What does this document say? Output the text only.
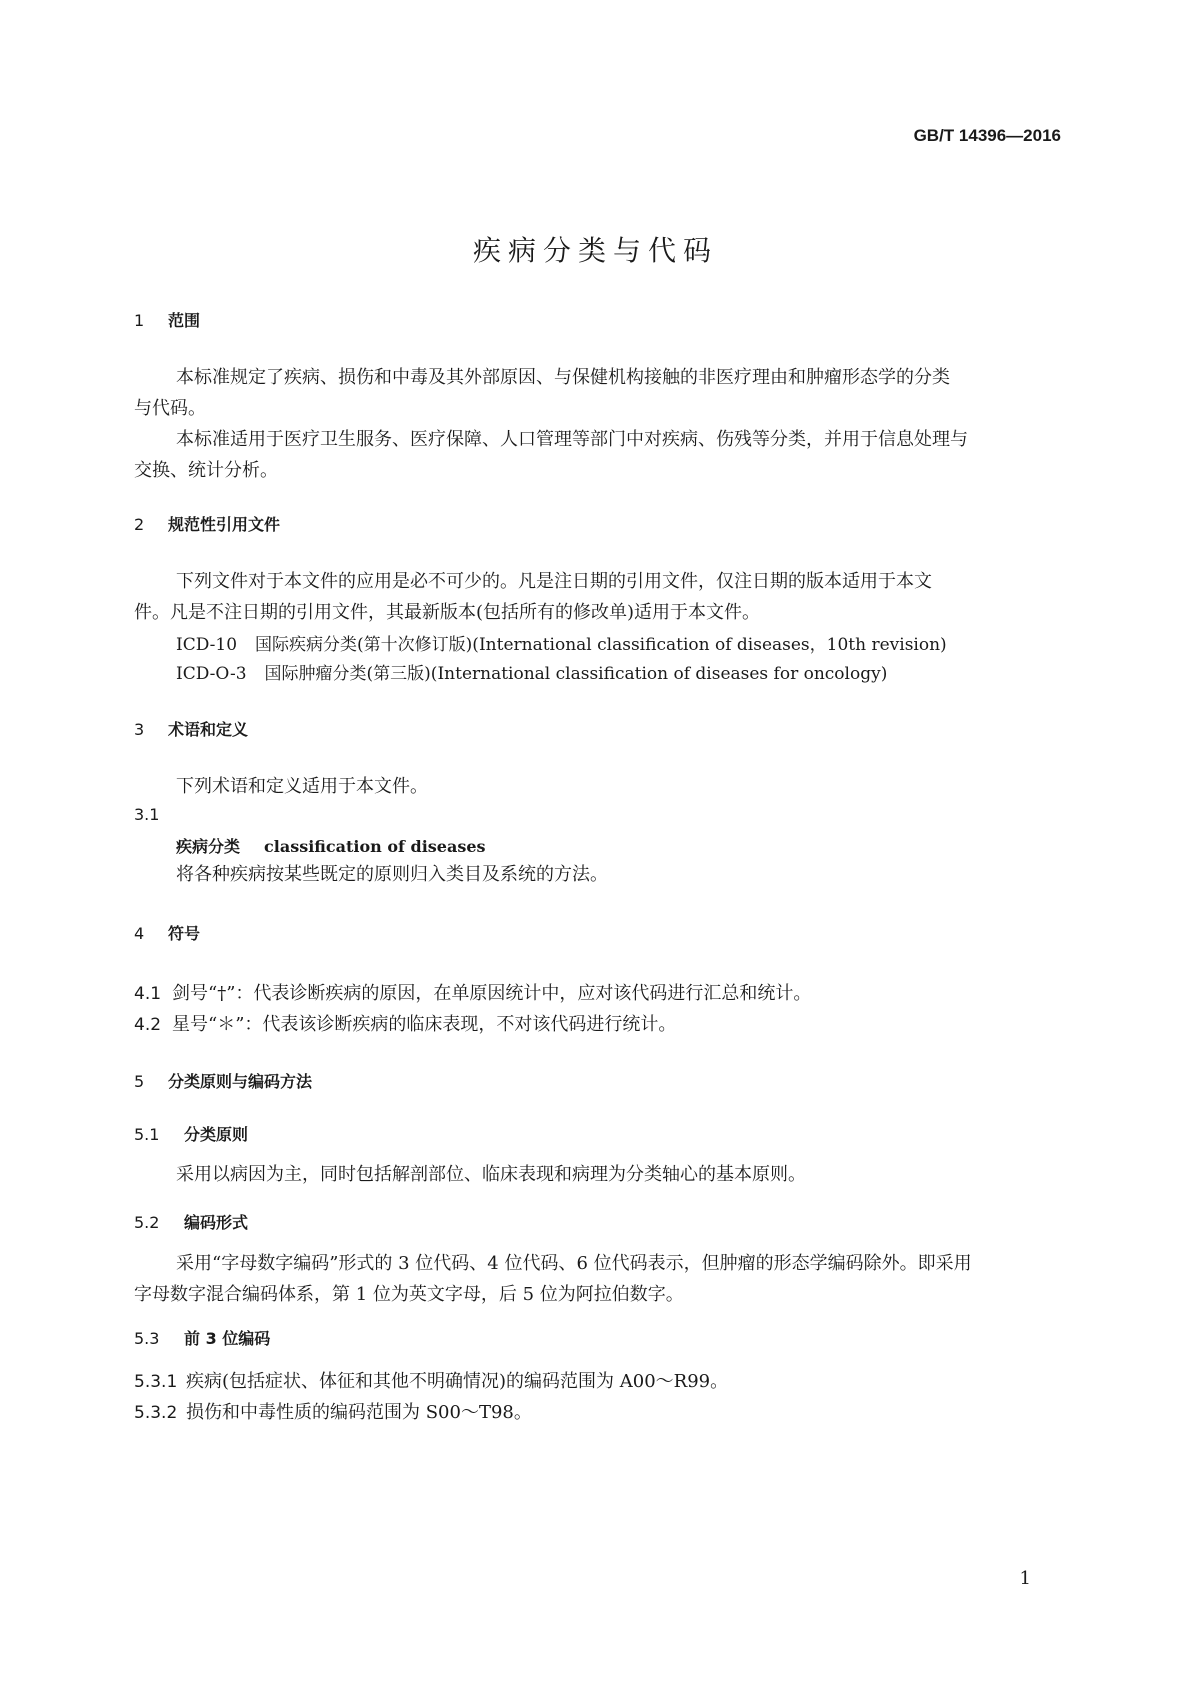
GB/T 14396—2016
疾病分类与代码
1 范围
本标准规定了疾病、损伤和中毒及其外部原因、与保健机构接触的非医疗理由和肿瘤形态学的分类
与代码。
本标准适用于医疗卫生服务、医疗保障、人口管理等部门中对疾病、伤残等分类，并用于信息处理与
交换、统计分析。
2 规范性引用文件
下列文件对于本文件的应用是必不可少的。凡是注日期的引用文件，仅注日期的版本适用于本文
件。凡是不注日期的引用文件，其最新版本(包括所有的修改单)适用于本文件。
ICD-10 国际疾病分类(第十次修订版)(International classification of diseases，10th revision)
ICD-O-3 国际肿瘤分类(第三版)(International classification of diseases for oncology)
3 术语和定义
下列术语和定义适用于本文件。
3.1
疾病分类 classification of diseases
将各种疾病按某些既定的原则归入类目及系统的方法。
4 符号
4.1 剑号“†”：代表诊断疾病的原因，在单原因统计中，应对该代码进行汇总和统计。
4.2 星号“＊”：代表该诊断疾病的临床表现，不对该代码进行统计。
5 分类原则与编码方法
5.1 分类原则
采用以病因为主，同时包括解剖部位、临床表现和病理为分类轴心的基本原则。
5.2 编码形式
采用“字母数字编码”形式的 3 位代码、4 位代码、6 位代码表示，但肿瘤的形态学编码除外。即采用
字母数字混合编码体系，第 1 位为英文字母，后 5 位为阿拉伯数字。
5.3 前 3 位编码
5.3.1 疾病(包括症状、体征和其他不明确情况)的编码范围为 A00～R99。
5.3.2 损伤和中毒性质的编码范围为 S00～T98。
1
